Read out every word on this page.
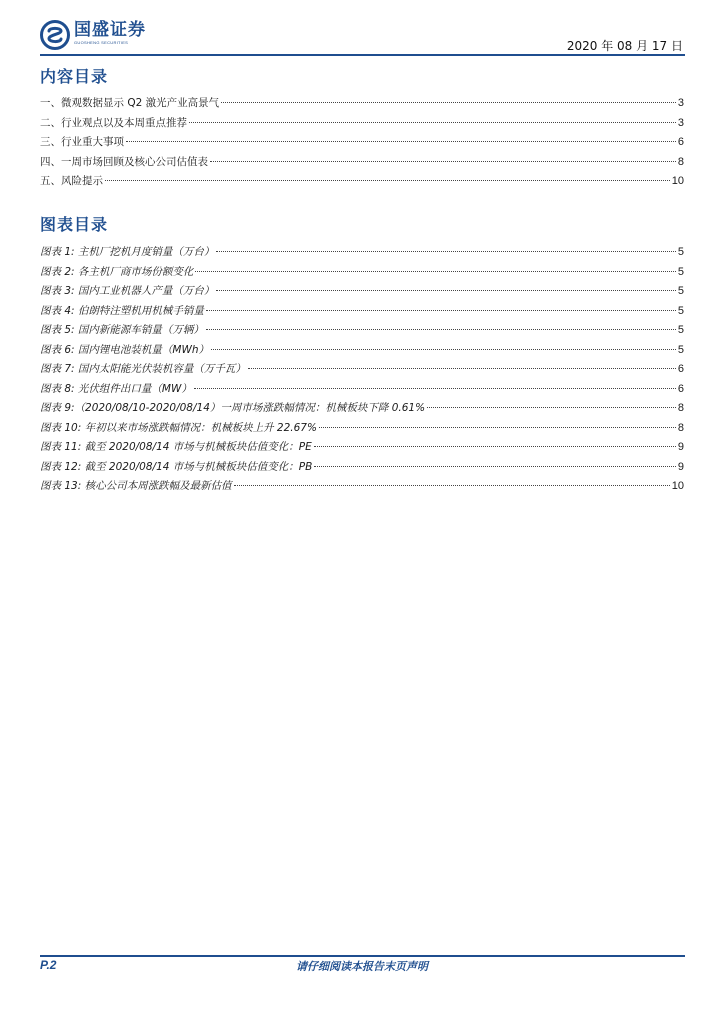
国盛证券
GUOSHENG SECURITIES	2020 年 08 月 17 日
内容目录
一、微观数据显示 Q2 激光产业高景气	3
二、行业观点以及本周重点推荐	3
三、行业重大事项	6
四、一周市场回顾及核心公司估值表	8
五、风险提示	10
图表目录
图表 1: 主机厂挖机月度销量（万台）	5
图表 2: 各主机厂商市场份额变化	5
图表 3: 国内工业机器人产量（万台）	5
图表 4: 伯朗特注塑机用机械手销量	5
图表 5: 国内新能源车销量（万辆）	5
图表 6: 国内锂电池装机量（MWh）	5
图表 7: 国内太阳能光伏装机容量（万千瓦）	6
图表 8: 光伏组件出口量（MW）	6
图表 9:（2020/08/10-2020/08/14）一周市场涨跌幅情况：机械板块下降 0.61%	8
图表 10: 年初以来市场涨跌幅情况：机械板块上升 22.67%	8
图表 11: 截至 2020/08/14 市场与机械板块估值变化：PE	9
图表 12: 截至 2020/08/14 市场与机械板块估值变化：PB	9
图表 13: 核心公司本周涨跌幅及最新估值	10
请仔细阅读本报告末页声明
P.2
